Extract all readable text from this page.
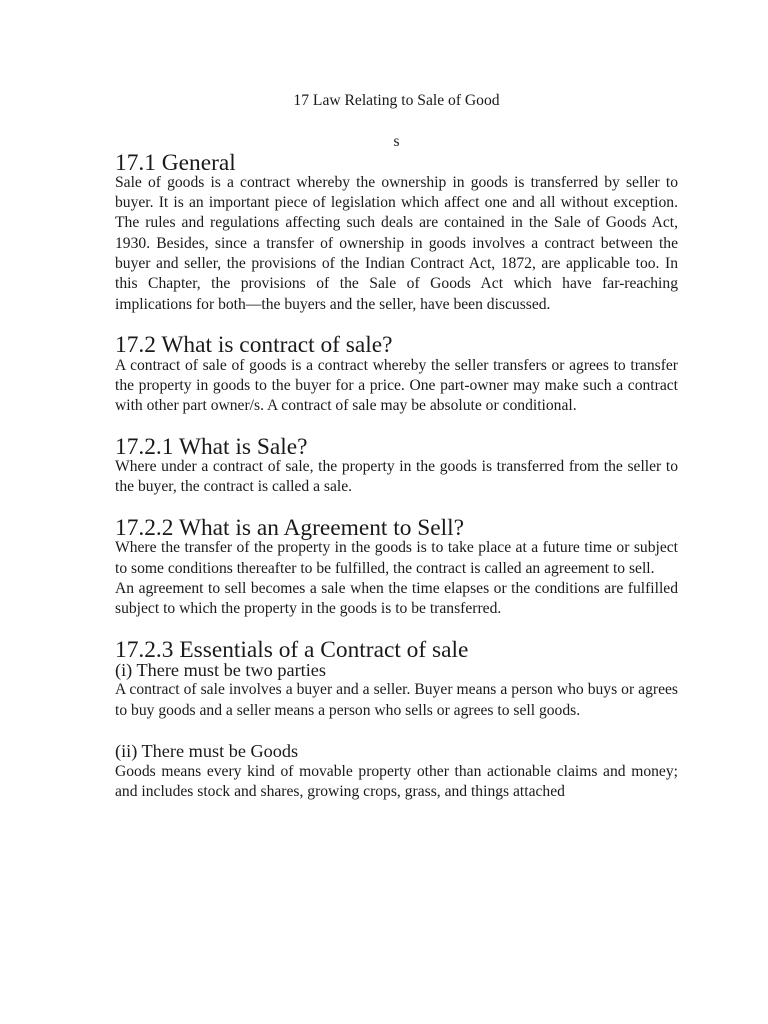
17 Law Relating to Sale of Good

s

17.1 General

Sale of goods is a contract whereby the ownership in goods is transferred by seller to buyer. It is an important piece of legislation which affect one and all without exception. The rules and regulations affecting such deals are contained in the Sale of Goods Act, 1930. Besides, since a transfer of ownership in goods involves a contract between the buyer and seller, the provisions of the Indian Contract Act, 1872, are applicable too. In this Chapter, the provisions of the Sale of Goods Act which have far-reaching implications for both—the buyers and the seller, have been discussed.

17.2 What is contract of sale?

A contract of sale of goods is a contract whereby the seller transfers or agrees to transfer the property in goods to the buyer for a price. One part-owner may make such a contract with other part owner/s. A contract of sale may be absolute or conditional.

17.2.1 What is Sale?

Where under a contract of sale, the property in the goods is transferred from the seller to the buyer, the contract is called a sale.

17.2.2 What is an Agreement to Sell?

Where the transfer of the property in the goods is to take place at a future time or subject to some conditions thereafter to be fulfilled, the contract is called an agreement to sell.

An agreement to sell becomes a sale when the time elapses or the conditions are fulfilled subject to which the property in the goods is to be transferred.

17.2.3 Essentials of a Contract of sale
(i) There must be two parties

A contract of sale involves a buyer and a seller. Buyer means a person who buys or agrees to buy goods and a seller means a person who sells or agrees to sell goods.

(ii) There must be Goods

Goods means every kind of movable property other than actionable claims and money; and includes stock and shares, growing crops, grass, and things attached
